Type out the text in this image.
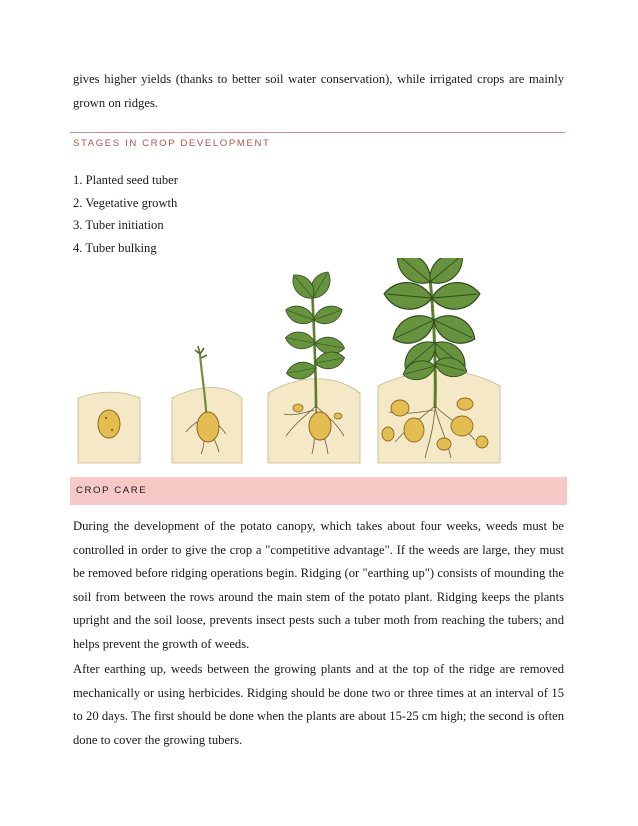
gives higher yields (thanks to better soil water conservation), while irrigated crops are mainly grown on ridges.

STAGES IN CROP DEVELOPMENT
1. Planted seed tuber
2. Vegetative growth
3. Tuber initiation
4. Tuber bulking
CROP CARE

During the development of the potato canopy, which takes about four weeks, weeds must be controlled in order to give the crop a "competitive advantage". If the weeds are large, they must be removed before ridging operations begin. Ridging (or "earthing up") consists of mounding the soil from between the rows around the main stem of the potato plant. Ridging keeps the plants upright and the soil loose, prevents insect pests such a tuber moth from reaching the tubers; and helps prevent the growth of weeds.

After earthing up, weeds between the growing plants and at the top of the ridge are removed mechanically or using herbicides. Ridging should be done two or three times at an interval of 15 to 20 days. The first should be done when the plants are about 15-25 cm high; the second is often done to cover the growing tubers.
